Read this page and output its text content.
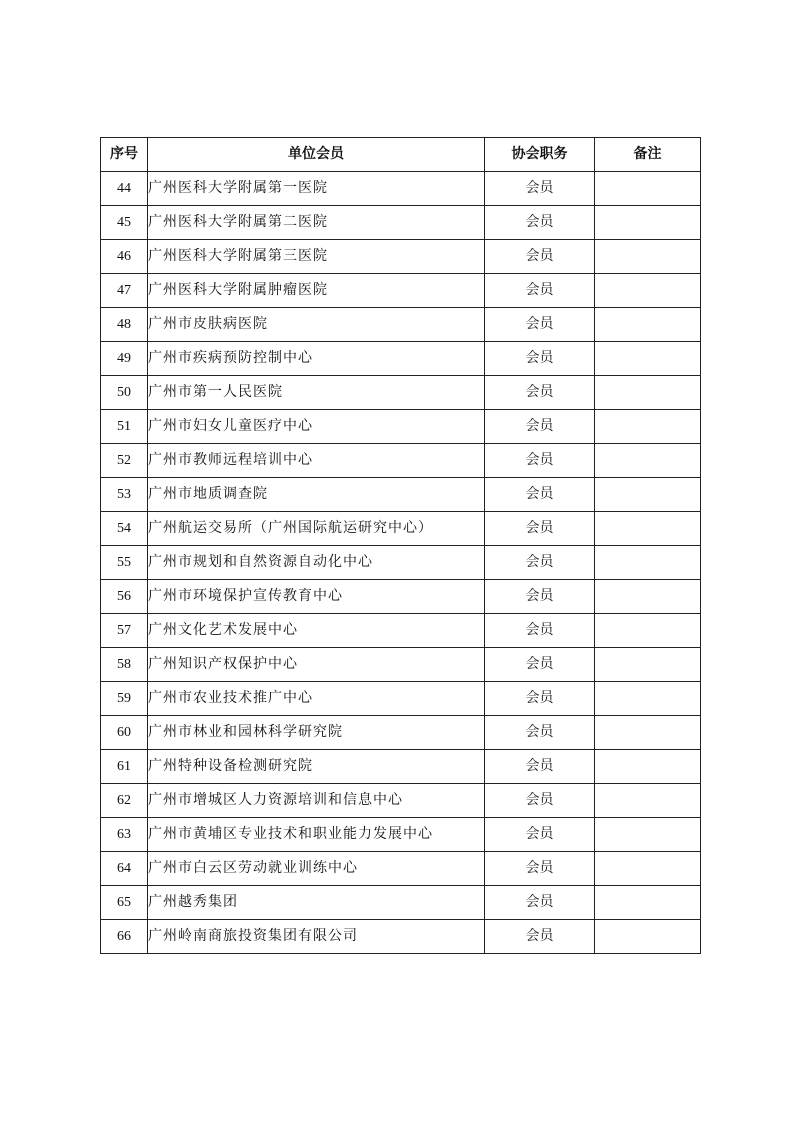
序号	单位会员	协会职务	备注
44	广州医科大学附属第一医院	会员	
45	广州医科大学附属第二医院	会员	
46	广州医科大学附属第三医院	会员	
47	广州医科大学附属肿瘤医院	会员	
48	广州市皮肤病医院	会员	
49	广州市疾病预防控制中心	会员	
50	广州市第一人民医院	会员	
51	广州市妇女儿童医疗中心	会员	
52	广州市教师远程培训中心	会员	
53	广州市地质调查院	会员	
54	广州航运交易所（广州国际航运研究中心）	会员	
55	广州市规划和自然资源自动化中心	会员	
56	广州市环境保护宣传教育中心	会员	
57	广州文化艺术发展中心	会员	
58	广州知识产权保护中心	会员	
59	广州市农业技术推广中心	会员	
60	广州市林业和园林科学研究院	会员	
61	广州特种设备检测研究院	会员	
62	广州市增城区人力资源培训和信息中心	会员	
63	广州市黄埔区专业技术和职业能力发展中心	会员	
64	广州市白云区劳动就业训练中心	会员	
65	广州越秀集团	会员	
66	广州岭南商旅投资集团有限公司	会员	
